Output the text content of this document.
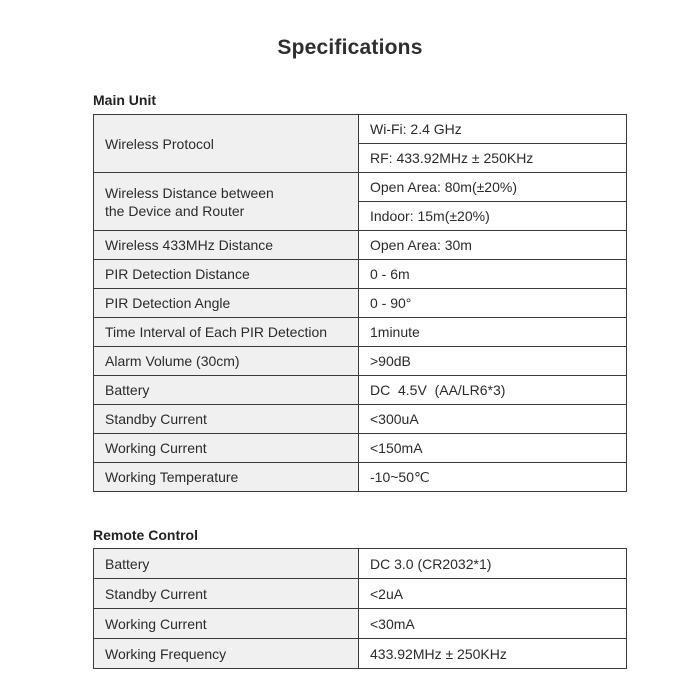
Specifications
Main Unit
Wireless Protocol	Wi-Fi: 2.4 GHz
	RF: 433.92MHz ± 250KHz
Wireless Distance between
the Device and Router	Open Area: 80m(±20%)
	Indoor: 15m(±20%)
Wireless 433MHz Distance	Open Area: 30m
PIR Detection Distance	0 - 6m
PIR Detection Angle	0 - 90°
Time Interval of Each PIR Detection	1minute
Alarm Volume (30cm)	>90dB
Battery	DC  4.5V  (AA/LR6*3)
Standby Current	<300uA
Working Current	<150mA
Working Temperature	-10~50℃
Remote Control
Battery	DC 3.0 (CR2032*1)
Standby Current	<2uA
Working Current	<30mA
Working Frequency	433.92MHz ± 250KHz
